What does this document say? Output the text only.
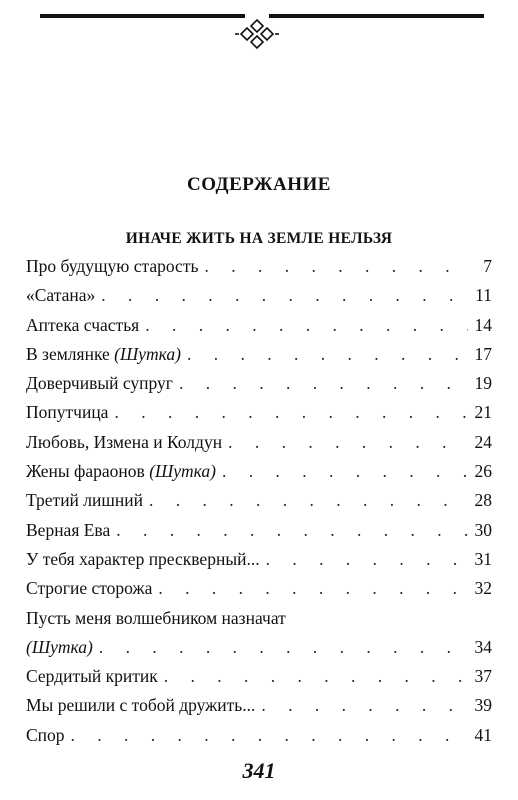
СОДЕРЖАНИЕ
ИНАЧЕ ЖИТЬ НА ЗЕМЛЕ НЕЛЬЗЯ
Про будущую старость . . .	7
«Сатана» . . .	11
Аптека счастья . . .	14
В землянке (Шутка) . . .	17
Доверчивый супруг . . .	19
Попутчица . . .	21
Любовь, Измена и Колдун . . .	24
Жены фараонов (Шутка) . . .	26
Третий лишний . . .	28
Верная Ева . . .	30
У тебя характер прескверный... . . .	31
Строгие сторожа . . .	32
Пусть меня волшебником назначат
(Шутка) . . .	34
Сердитый критик . . .	37
Мы решили с тобой дружить... . . .	39
Спор . . .	41
341
